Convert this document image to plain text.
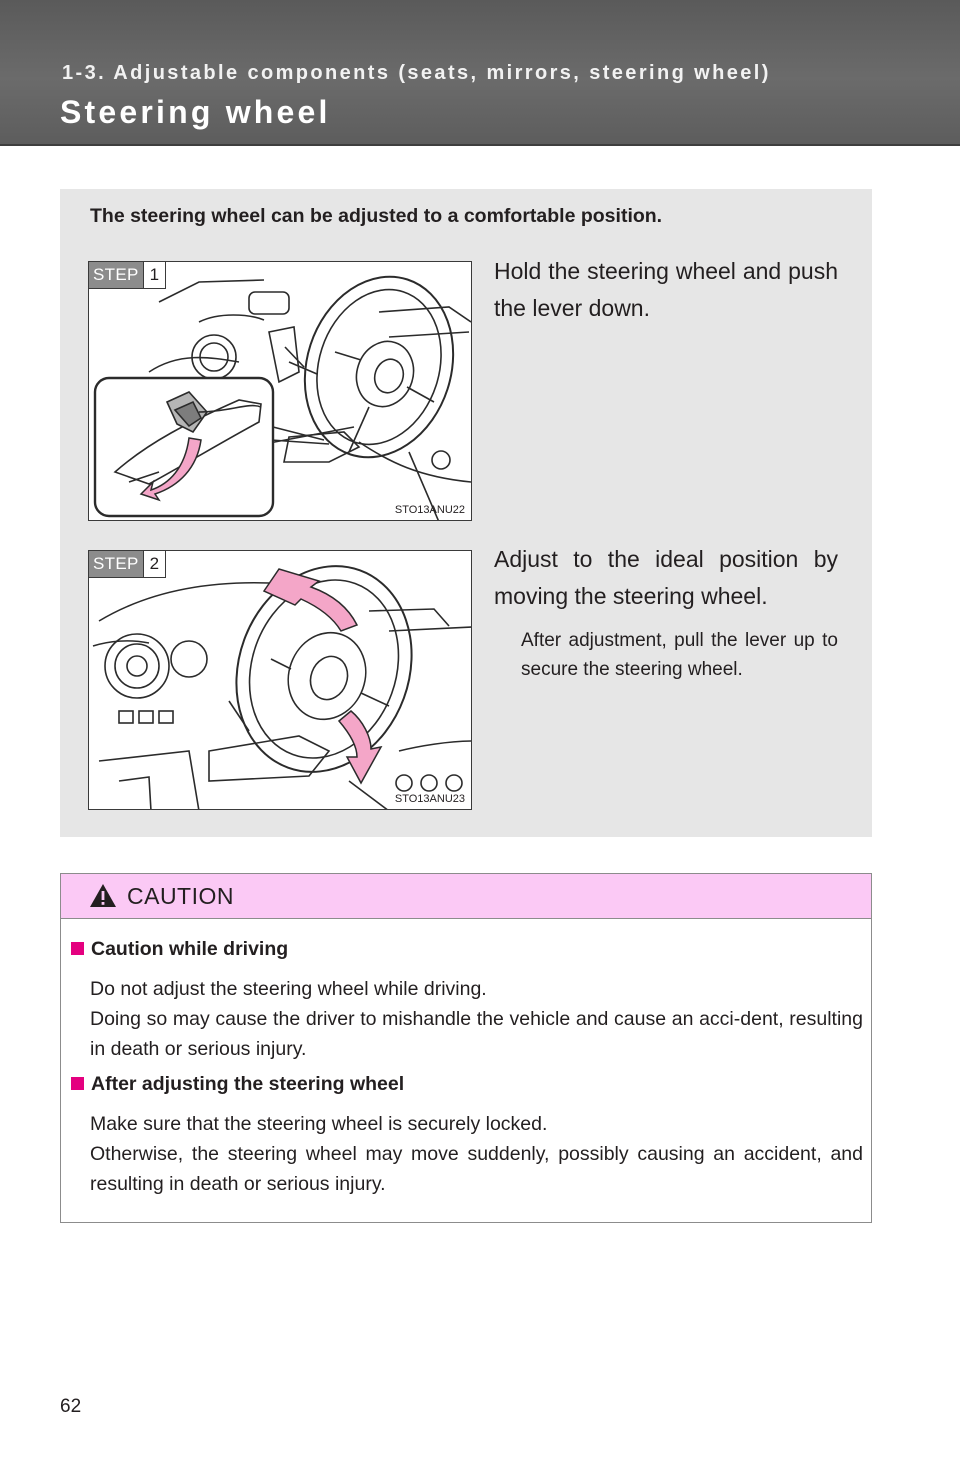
1-3. Adjustable components (seats, mirrors, steering wheel)

Steering wheel

The steering wheel can be adjusted to a comfortable position.

STEP 1
STO13ANU22

Hold the steering wheel and push the lever down.

STEP 2
STO13ANU23

Adjust to the ideal position by moving the steering wheel.

After adjustment, pull the lever up to secure the steering wheel.

CAUTION

Caution while driving

Do not adjust the steering wheel while driving.

Doing so may cause the driver to mishandle the vehicle and cause an acci-dent, resulting in death or serious injury.

After adjusting the steering wheel

Make sure that the steering wheel is securely locked.

Otherwise, the steering wheel may move suddenly, possibly causing an accident, and resulting in death or serious injury.

62
